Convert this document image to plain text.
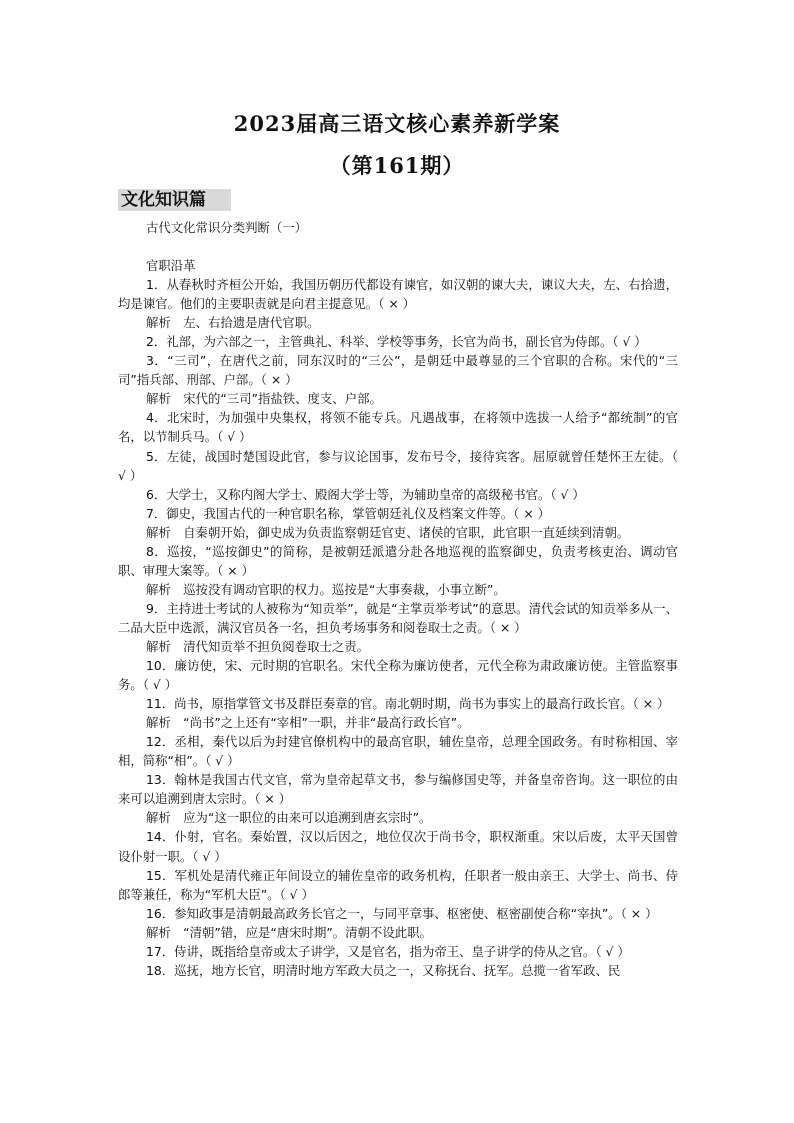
2023届高三语文核心素养新学案
（第161期）
文化知识篇

古代文化常识分类判断（一）

官职沿革

1．从春秋时齐桓公开始，我国历朝历代都设有谏官，如汉朝的谏大夫，谏议大夫，左、右拾遗，均是谏官。他们的主要职责就是向君主提意见。（ × ）

解析　左、右拾遗是唐代官职。

2．礼部，为六部之一，主管典礼、科举、学校等事务，长官为尚书，副长官为侍郎。（ √ ）

3．“三司”，在唐代之前，同东汉时的“三公”，是朝廷中最尊显的三个官职的合称。宋代的“三司”指兵部、刑部、户部。（ × ）

解析　宋代的“三司”指盐铁、度支、户部。

4．北宋时，为加强中央集权，将领不能专兵。凡遇战事，在将领中选拔一人给予“都统制”的官名，以节制兵马。（ √ ）

5．左徒，战国时楚国设此官，参与议论国事，发布号令，接待宾客。屈原就曾任楚怀王左徒。（ √ ）

6．大学士，又称内阁大学士、殿阁大学士等，为辅助皇帝的高级秘书官。（ √ ）

7．御史，我国古代的一种官职名称，掌管朝廷礼仪及档案文件等。（ × ）

解析　自秦朝开始，御史成为负责监察朝廷官吏、诸侯的官职，此官职一直延续到清朝。

8．巡按，“巡按御史”的简称，是被朝廷派遣分赴各地巡视的监察御史，负责考核吏治、调动官职、审理大案等。（ × ）

解析　巡按没有调动官职的权力。巡按是“大事奏裁，小事立断”。

9．主持进士考试的人被称为“知贡举”，就是“主掌贡举考试”的意思。清代会试的知贡举多从一、二品大臣中选派，满汉官员各一名，担负考场事务和阅卷取士之责。（ × ）

解析　清代知贡举不担负阅卷取士之责。

10．廉访使，宋、元时期的官职名。宋代全称为廉访使者，元代全称为肃政廉访使。主管监察事务。（ √ ）

11．尚书，原指掌管文书及群臣奏章的官。南北朝时期，尚书为事实上的最高行政长官。（ × ）

解析　“尚书”之上还有“宰相”一职，并非“最高行政长官”。

12．丞相，秦代以后为封建官僚机构中的最高官职，辅佐皇帝，总理全国政务。有时称相国、宰相，简称“相”。（ √ ）

13．翰林是我国古代文官，常为皇帝起草文书，参与编修国史等，并备皇帝咨询。这一职位的由来可以追溯到唐太宗时。（ × ）

解析　应为“这一职位的由来可以追溯到唐玄宗时”。

14．仆射，官名。秦始置，汉以后因之，地位仅次于尚书令，职权渐重。宋以后废，太平天国曾设仆射一职。（ √ ）

15．军机处是清代雍正年间设立的辅佐皇帝的政务机构，任职者一般由亲王、大学士、尚书、侍郎等兼任，称为“军机大臣”。（ √ ）

16．参知政事是清朝最高政务长官之一，与同平章事、枢密使、枢密副使合称“宰执”。（ × ）

解析　“清朝”错，应是“唐宋时期”。清朝不设此职。

17．侍讲，既指给皇帝或太子讲学，又是官名，指为帝王、皇子讲学的侍从之官。（ √ ）

18．巡抚，地方长官，明清时地方军政大员之一，又称抚台、抚军。总揽一省军政、民
